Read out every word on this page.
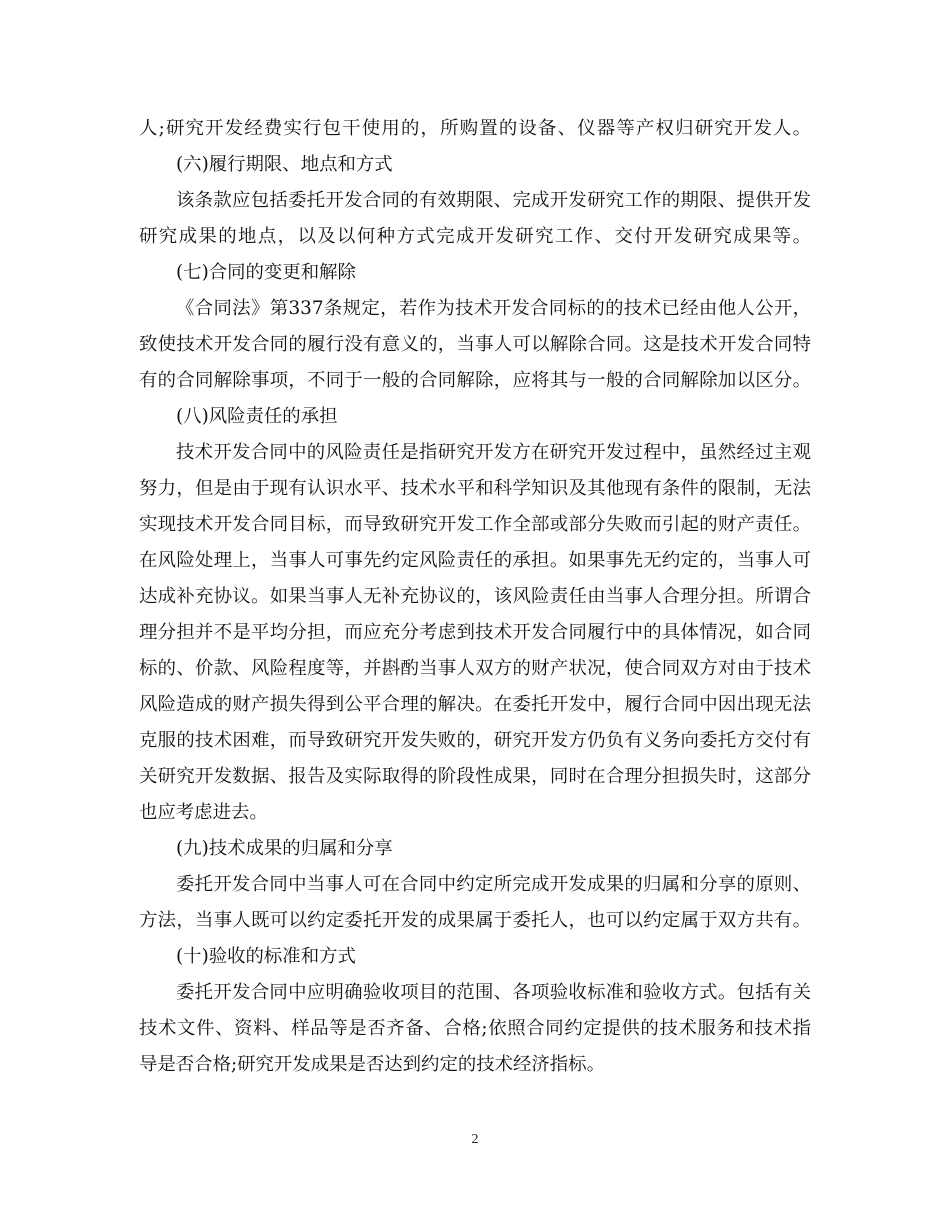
人;研究开发经费实行包干使用的，所购置的设备、仪器等产权归研究开发人。
(六)履行期限、地点和方式
该条款应包括委托开发合同的有效期限、完成开发研究工作的期限、提供开发
研究成果的地点，以及以何种方式完成开发研究工作、交付开发研究成果等。
(七)合同的变更和解除
《合同法》第337条规定，若作为技术开发合同标的的技术已经由他人公开，
致使技术开发合同的履行没有意义的，当事人可以解除合同。这是技术开发合同特
有的合同解除事项，不同于一般的合同解除，应将其与一般的合同解除加以区分。
(八)风险责任的承担
技术开发合同中的风险责任是指研究开发方在研究开发过程中，虽然经过主观
努力，但是由于现有认识水平、技术水平和科学知识及其他现有条件的限制，无法
实现技术开发合同目标，而导致研究开发工作全部或部分失败而引起的财产责任。
在风险处理上，当事人可事先约定风险责任的承担。如果事先无约定的，当事人可
达成补充协议。如果当事人无补充协议的，该风险责任由当事人合理分担。所谓合
理分担并不是平均分担，而应充分考虑到技术开发合同履行中的具体情况，如合同
标的、价款、风险程度等，并斟酌当事人双方的财产状况，使合同双方对由于技术
风险造成的财产损失得到公平合理的解决。在委托开发中，履行合同中因出现无法
克服的技术困难，而导致研究开发失败的，研究开发方仍负有义务向委托方交付有
关研究开发数据、报告及实际取得的阶段性成果，同时在合理分担损失时，这部分
也应考虑进去。
(九)技术成果的归属和分享
委托开发合同中当事人可在合同中约定所完成开发成果的归属和分享的原则、
方法，当事人既可以约定委托开发的成果属于委托人，也可以约定属于双方共有。
(十)验收的标准和方式
委托开发合同中应明确验收项目的范围、各项验收标准和验收方式。包括有关
技术文件、资料、样品等是否齐备、合格;依照合同约定提供的技术服务和技术指
导是否合格;研究开发成果是否达到约定的技术经济指标。
2
